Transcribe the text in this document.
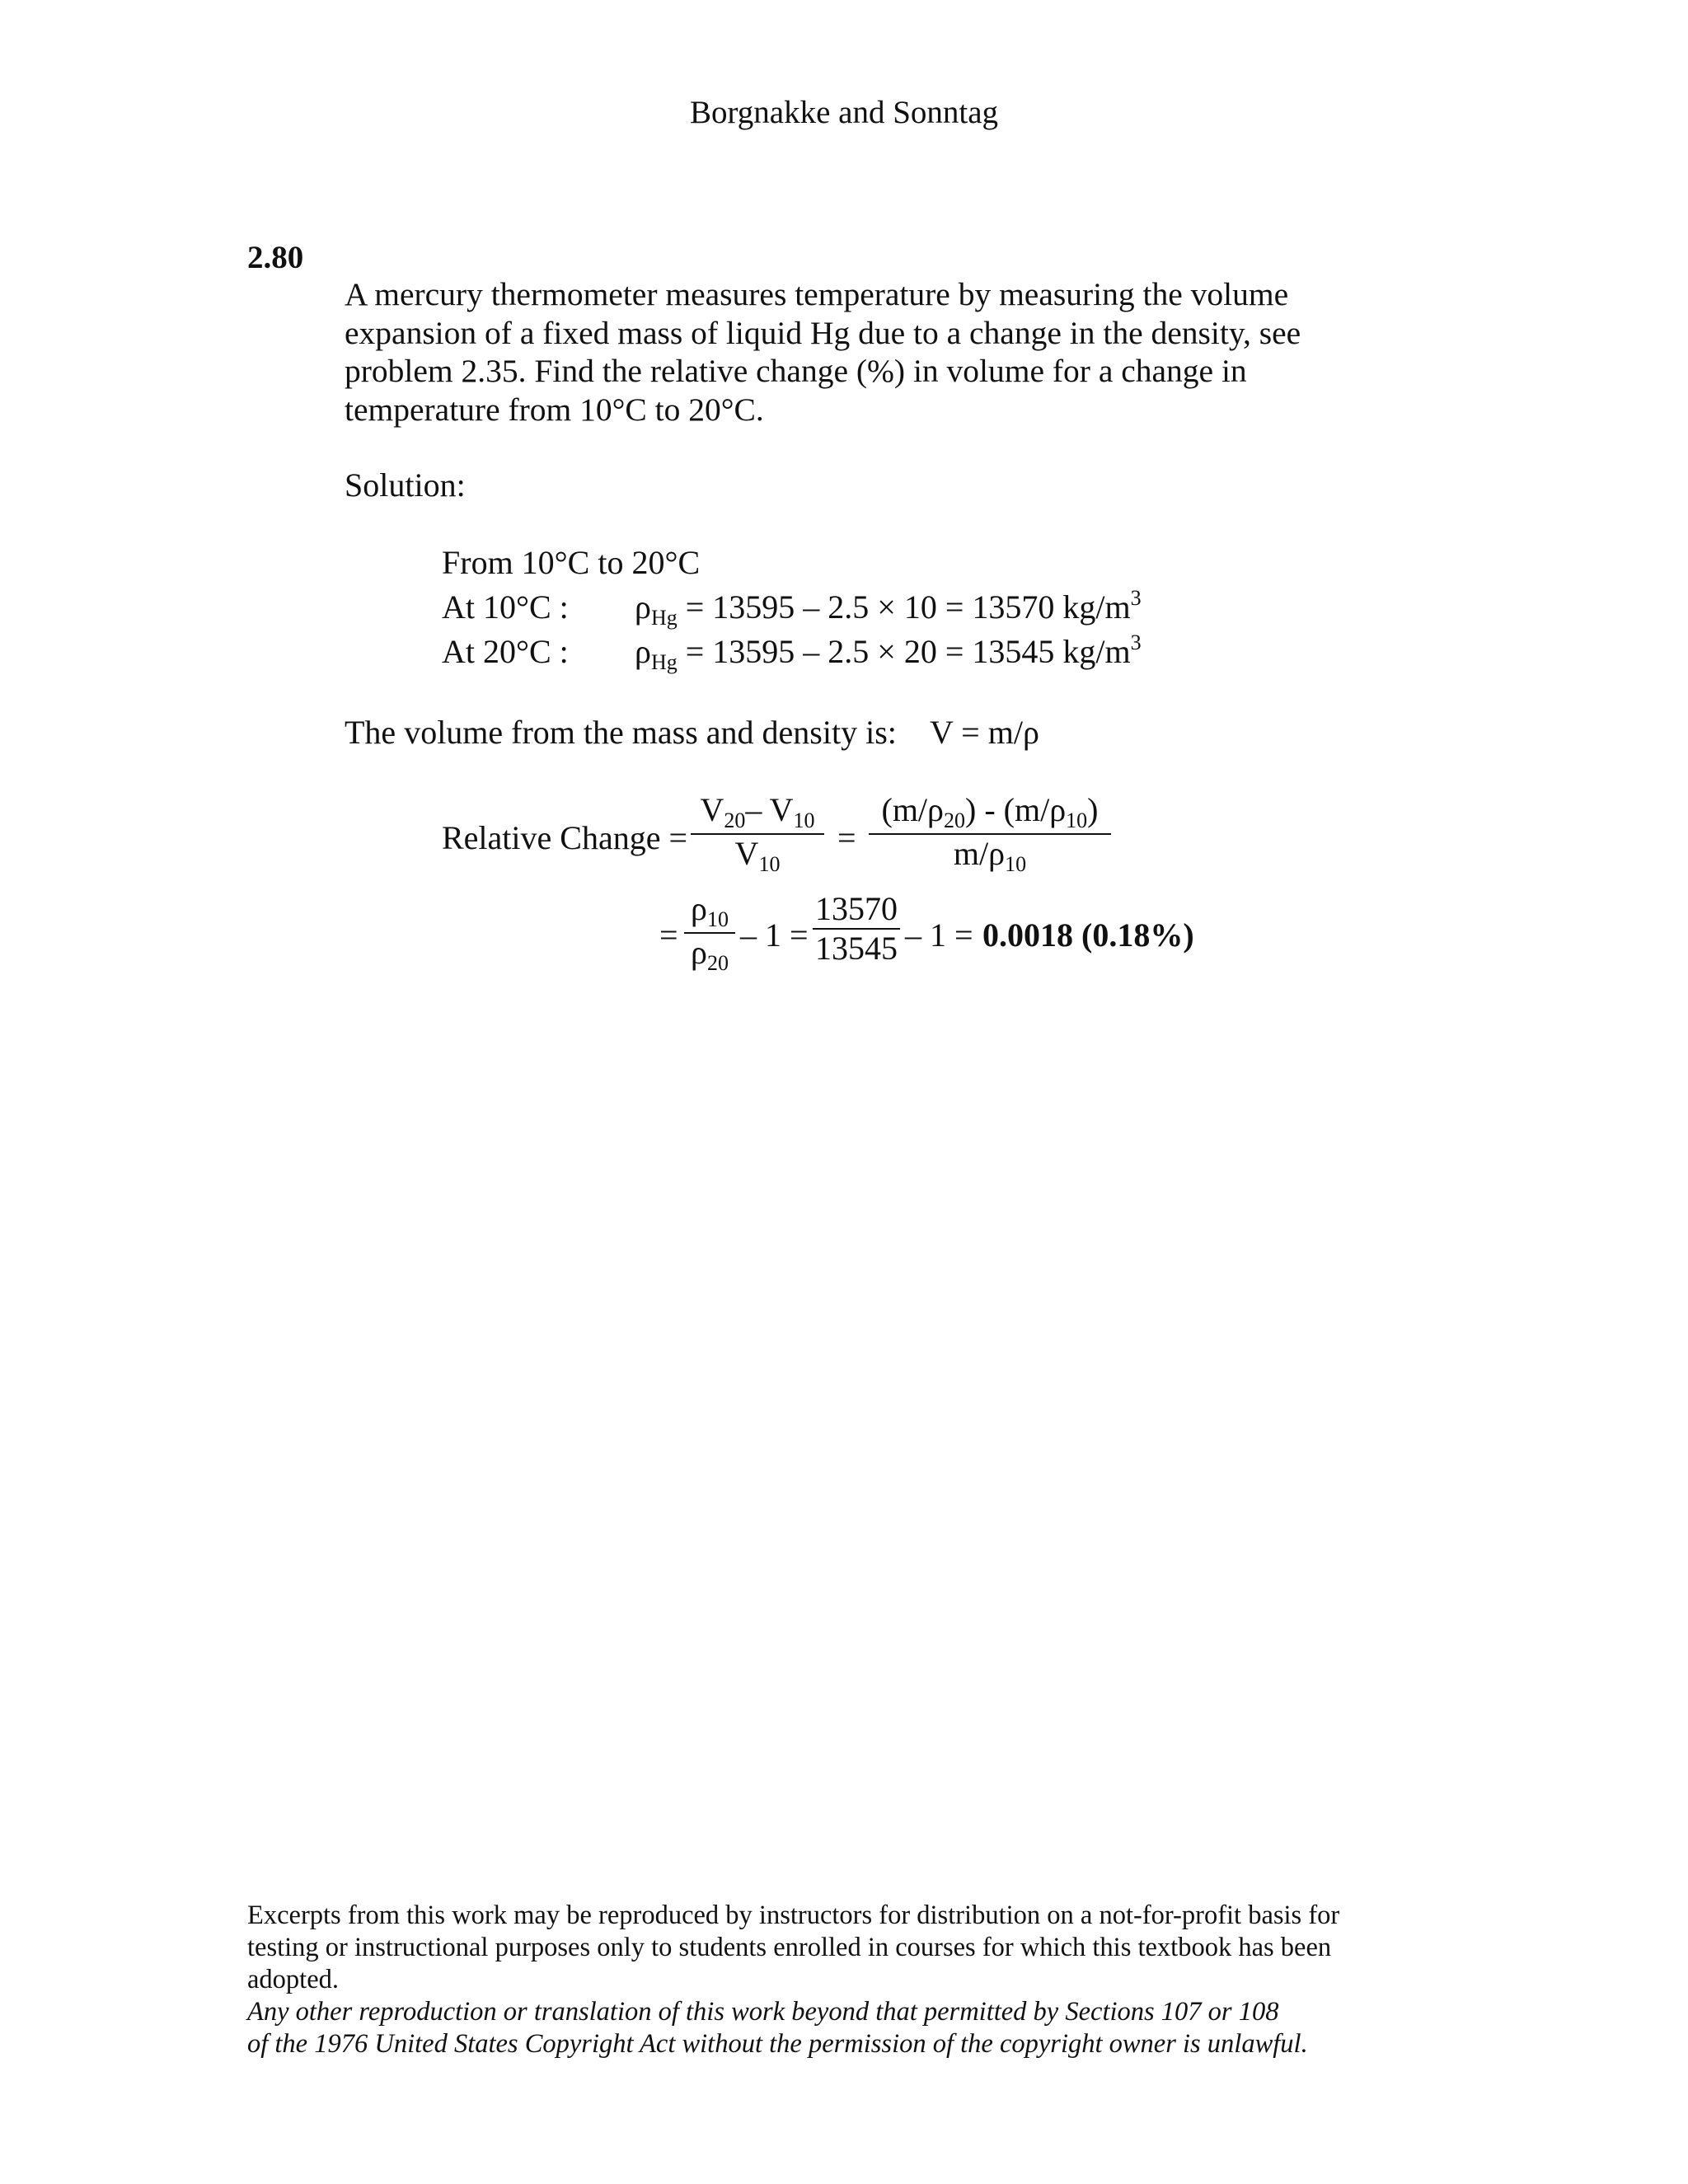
Borgnakke and Sonntag
2.80
A mercury thermometer measures temperature by measuring the volume
expansion of a fixed mass of liquid Hg due to a change in the density, see
problem 2.35. Find the relative change (%) in volume for a change in
temperature from 10°C to 20°C.
Solution:
From 10°C to 20°C
At 10°C : $\rho_{Hg} = 13595 - 2.5 \times 10 = 13570$ $kg/m^3$
At 20°C : $\rho_{Hg} = 13595 - 2.5 \times 20 = 13545$ $kg/m^3$
The volume from the mass and density is: V = m/ρ
Relative Change = $\frac{V_{20}- V_{10}}{V_{10}} = \frac{(m/\rho_{20}) - (m/\rho_{10})}{m/\rho_{10}}$
= $\frac{\rho_{10}}{\rho_{20}} - 1 = \frac{13570}{13545} - 1 = 0.0018$ (0.18%)
Excerpts from this work may be reproduced by instructors for distribution on a not-for-profit basis for
testing or instructional purposes only to students enrolled in courses for which this textbook has been
adopted.
Any other reproduction or translation of this work beyond that permitted by Sections 107 or 108
of the 1976 United States Copyright Act without the permission of the copyright owner is unlawful.
